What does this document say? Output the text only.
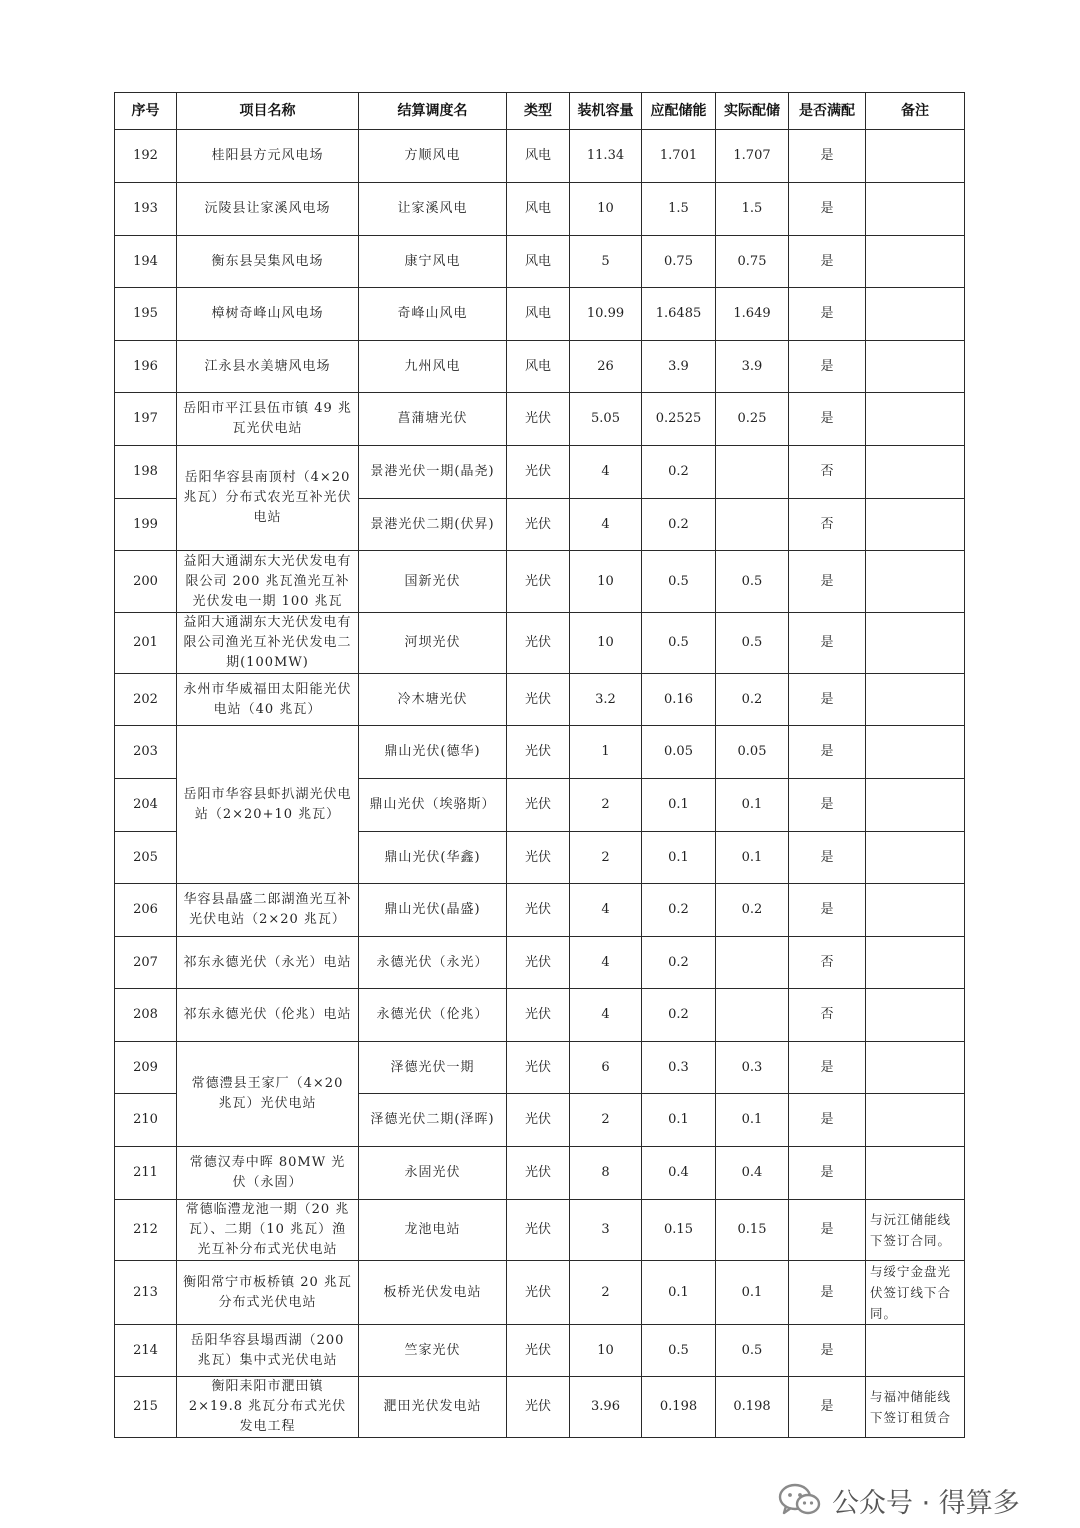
序号	项目名称	结算调度名	类型	装机容量	应配储能	实际配储	是否满配	备注
192	桂阳县方元风电场	方顺风电	风电	11.34	1.701	1.707	是	
193	沅陵县让家溪风电场	让家溪风电	风电	10	1.5	1.5	是	
194	衡东县吴集风电场	康宁风电	风电	5	0.75	0.75	是	
195	樟树奇峰山风电场	奇峰山风电	风电	10.99	1.6485	1.649	是	
196	江永县水美塘风电场	九州风电	风电	26	3.9	3.9	是	
197	岳阳市平江县伍市镇 49 兆瓦光伏电站	菖蒲塘光伏	光伏	5.05	0.2525	0.25	是	
198	岳阳华容县南顶村（4×20 兆瓦）分布式农光互补光伏电站	景港光伏一期(晶尧)	光伏	4	0.2		否	
199		景港光伏二期(伏昇)	光伏	4	0.2		否	
200	益阳大通湖东大光伏发电有限公司 200 兆瓦渔光互补光伏发电一期 100 兆瓦	国新光伏	光伏	10	0.5	0.5	是	
201	益阳大通湖东大光伏发电有限公司渔光互补光伏发电二期(100MW)	河坝光伏	光伏	10	0.5	0.5	是	
202	永州市华威福田太阳能光伏电站（40 兆瓦）	冷木塘光伏	光伏	3.2	0.16	0.2	是	
203	岳阳市华容县虾扒湖光伏电站（2×20+10 兆瓦）	鼎山光伏(德华)	光伏	1	0.05	0.05	是	
204		鼎山光伏（埃骆斯）	光伏	2	0.1	0.1	是	
205		鼎山光伏(华鑫)	光伏	2	0.1	0.1	是	
206	华容县晶盛二郎湖渔光互补光伏电站（2×20 兆瓦）	鼎山光伏(晶盛)	光伏	4	0.2	0.2	是	
207	祁东永德光伏（永光）电站	永德光伏（永光）	光伏	4	0.2		否	
208	祁东永德光伏（伦兆）电站	永德光伏（伦兆）	光伏	4	0.2		否	
209	常德澧县王家厂（4×20 兆瓦）光伏电站	泽德光伏一期	光伏	6	0.3	0.3	是	
210		泽德光伏二期(泽晖)	光伏	2	0.1	0.1	是	
211	常德汉寿中晖 80MW 光伏（永固）	永固光伏	光伏	8	0.4	0.4	是	
212	常德临澧龙池一期（20 兆瓦）、二期（10 兆瓦）渔光互补分布式光伏电站	龙池电站	光伏	3	0.15	0.15	是	与沅江储能线下签订合同。
213	衡阳常宁市板桥镇 20 兆瓦分布式光伏电站	板桥光伏发电站	光伏	2	0.1	0.1	是	与绥宁金盘光伏签订线下合同。
214	岳阳华容县塌西湖（200 兆瓦）集中式光伏电站	竺家光伏	光伏	10	0.5	0.5	是	
215	衡阳耒阳市淝田镇 2×19.8 兆瓦分布式光伏发电工程	淝田光伏发电站	光伏	3.96	0.198	0.198	是	与福冲储能线下签订租赁合
公众号 · 得算多
